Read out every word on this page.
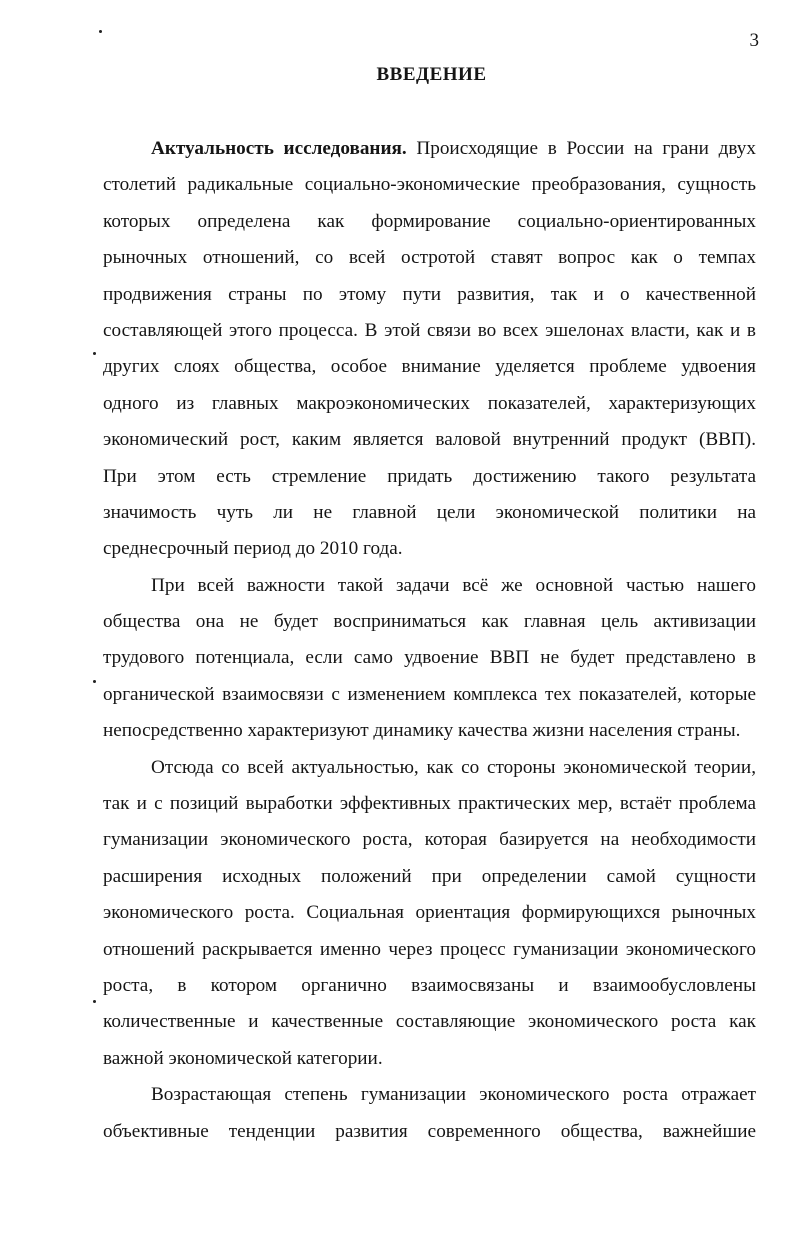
3
ВВЕДЕНИЕ
Актуальность исследования. Происходящие в России на грани двух
столетий радикальные социально-экономические преобразования, сущность
которых определена как формирование социально-ориентированных
рыночных отношений, со всей остротой ставят вопрос как о темпах
продвижения страны по этому пути развития, так и о качественной
составляющей этого процесса. В этой связи во всех эшелонах власти, как и в
других слоях общества, особое внимание уделяется проблеме удвоения
одного из главных макроэкономических показателей, характеризующих
экономический рост, каким является валовой внутренний продукт (ВВП).
При этом есть стремление придать достижению такого результата
значимость чуть ли не главной цели экономической политики на
среднесрочный период до 2010 года.
При всей важности такой задачи всё же основной частью нашего
общества она не будет восприниматься как главная цель активизации
трудового потенциала, если само удвоение ВВП не будет представлено в
органической взаимосвязи с изменением комплекса тех показателей, которые
непосредственно характеризуют динамику качества жизни населения страны.
Отсюда со всей актуальностью, как со стороны экономической теории,
так и с позиций выработки эффективных практических мер, встаёт проблема
гуманизации экономического роста, которая базируется на необходимости
расширения исходных положений при определении самой сущности
экономического роста. Социальная ориентация формирующихся рыночных
отношений раскрывается именно через процесс гуманизации экономического
роста, в котором органично взаимосвязаны и взаимообусловлены
количественные и качественные составляющие экономического роста как
важной экономической категории.
Возрастающая степень гуманизации экономического роста отражает
объективные тенденции развития современного общества, важнейшие
